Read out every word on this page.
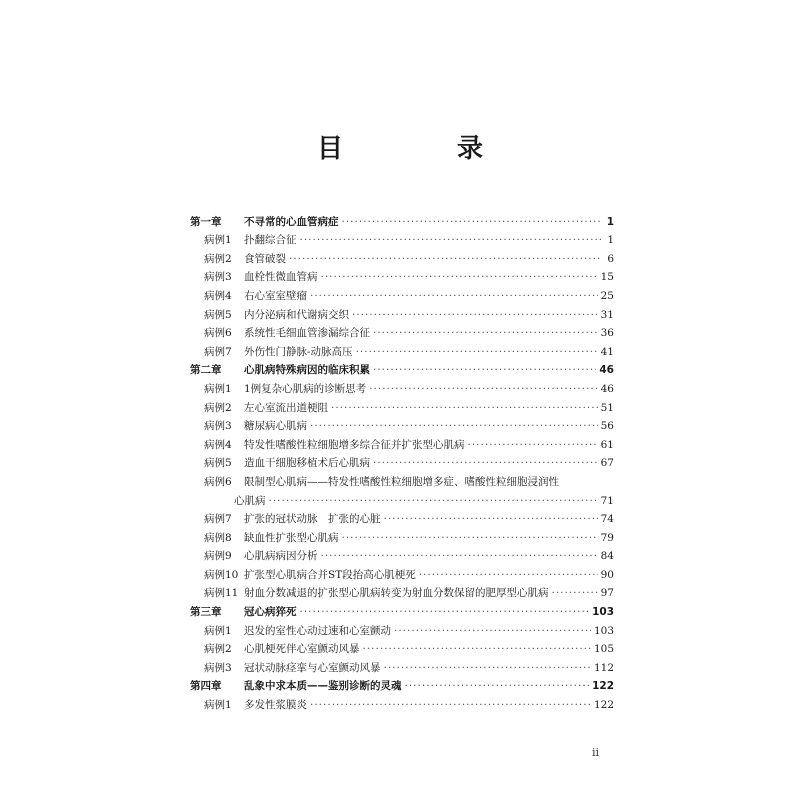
目　录
第一章	不寻常的心血管病症 ·····	1
病例1	扑翻综合征 ·····	1
病例2	食管破裂 ·····	6
病例3	血栓性微血管病 ·····	15
病例4	右心室室壁瘤 ·····	25
病例5	内分泌病和代谢病交织 ·····	31
病例6	系统性毛细血管渗漏综合征 ·····	36
病例7	外伤性门静脉-动脉高压 ·····	41
第二章	心肌病特殊病因的临床积累 ·····	46
病例1	1例复杂心肌病的诊断思考 ·····	46
病例2	左心室流出道梗阻 ·····	51
病例3	糖尿病心肌病 ·····	56
病例4	特发性嗜酸性粒细胞增多综合征并扩张型心肌病 ·····	61
病例5	造血干细胞移植术后心肌病 ·····	67
病例6	限制型心肌病——特发性嗜酸性粒细胞增多症、嗜酸性粒细胞浸润性
心肌病 ·····	71
病例7	扩张的冠状动脉　扩张的心脏 ·····	74
病例8	缺血性扩张型心肌病 ·····	79
病例9	心肌病病因分析 ·····	84
病例10 扩张型心肌病合并ST段抬高心肌梗死 ·····	90
病例11 射血分数减退的扩张型心肌病转变为射血分数保留的肥厚型心肌病 ·····	97
第三章	冠心病猝死 ·····	103
病例1	迟发的室性心动过速和心室颤动 ·····	103
病例2	心肌梗死伴心室颤动风暴 ·····	105
病例3	冠状动脉痉挛与心室颤动风暴 ·····	112
第四章	乱象中求本质——鉴别诊断的灵魂 ·····	122
病例1	多发性浆膜炎 ·····	122
ii
